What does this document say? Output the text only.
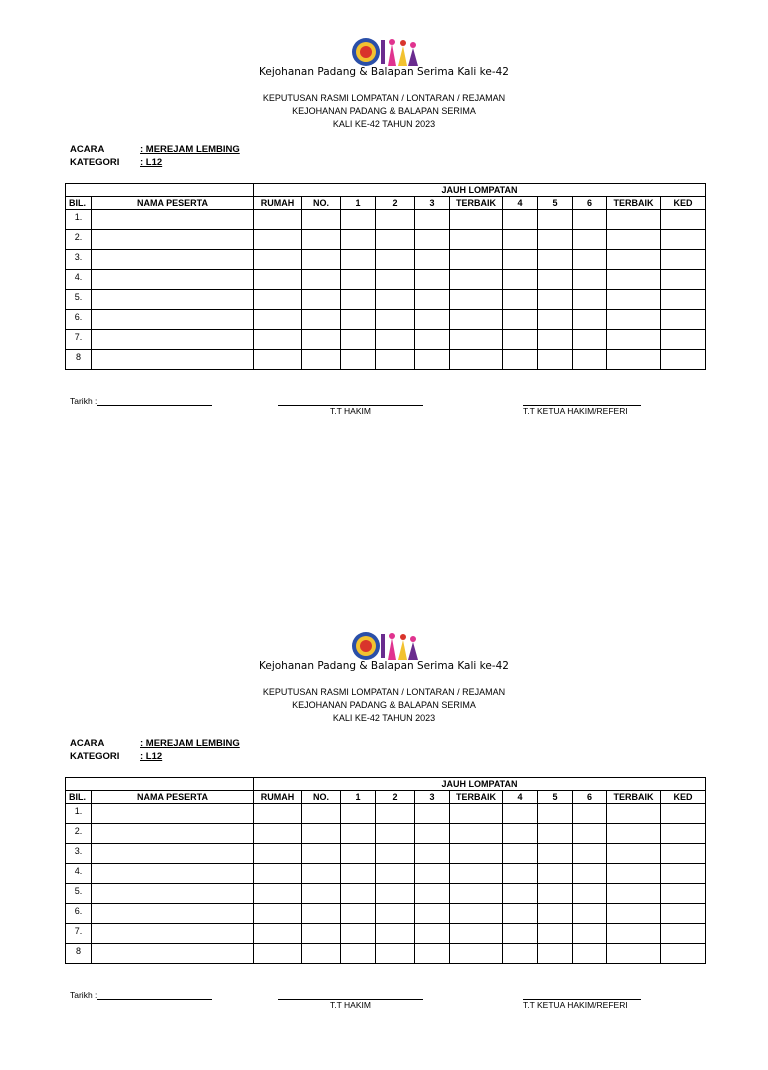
Kejohanan Padang & Balapan Serima Kali ke-42
KEPUTUSAN RASMI LOMPATAN / LONTARAN / REJAMAN
KEJOHANAN PADANG & BALAPAN SERIMA
KALI KE-42 TAHUN 2023
ACARA	: MEREJAM LEMBING
KATEGORI : L12
		JAUH LOMPATAN										
BIL.	NAMA PESERTA	RUMAH	NO.	1	2	3	TERBAIK	4	5	6	TERBAIK	KED
1.												
2.												
3.												
4.												
5.												
6.												
7.												
8												
Tarikh :
T.T HAKIM	T.T KETUA HAKIM/REFERI
Kejohanan Padang & Balapan Serima Kali ke-42
KEPUTUSAN RASMI LOMPATAN / LONTARAN / REJAMAN
KEJOHANAN PADANG & BALAPAN SERIMA
KALI KE-42 TAHUN 2023
ACARA	: MEREJAM LEMBING
KATEGORI : L12
		JAUH LOMPATAN										
BIL.	NAMA PESERTA	RUMAH	NO.	1	2	3	TERBAIK	4	5	6	TERBAIK	KED
1.												
2.												
3.												
4.												
5.												
6.												
7.												
8												
Tarikh :
T.T HAKIM	T.T KETUA HAKIM/REFERI
